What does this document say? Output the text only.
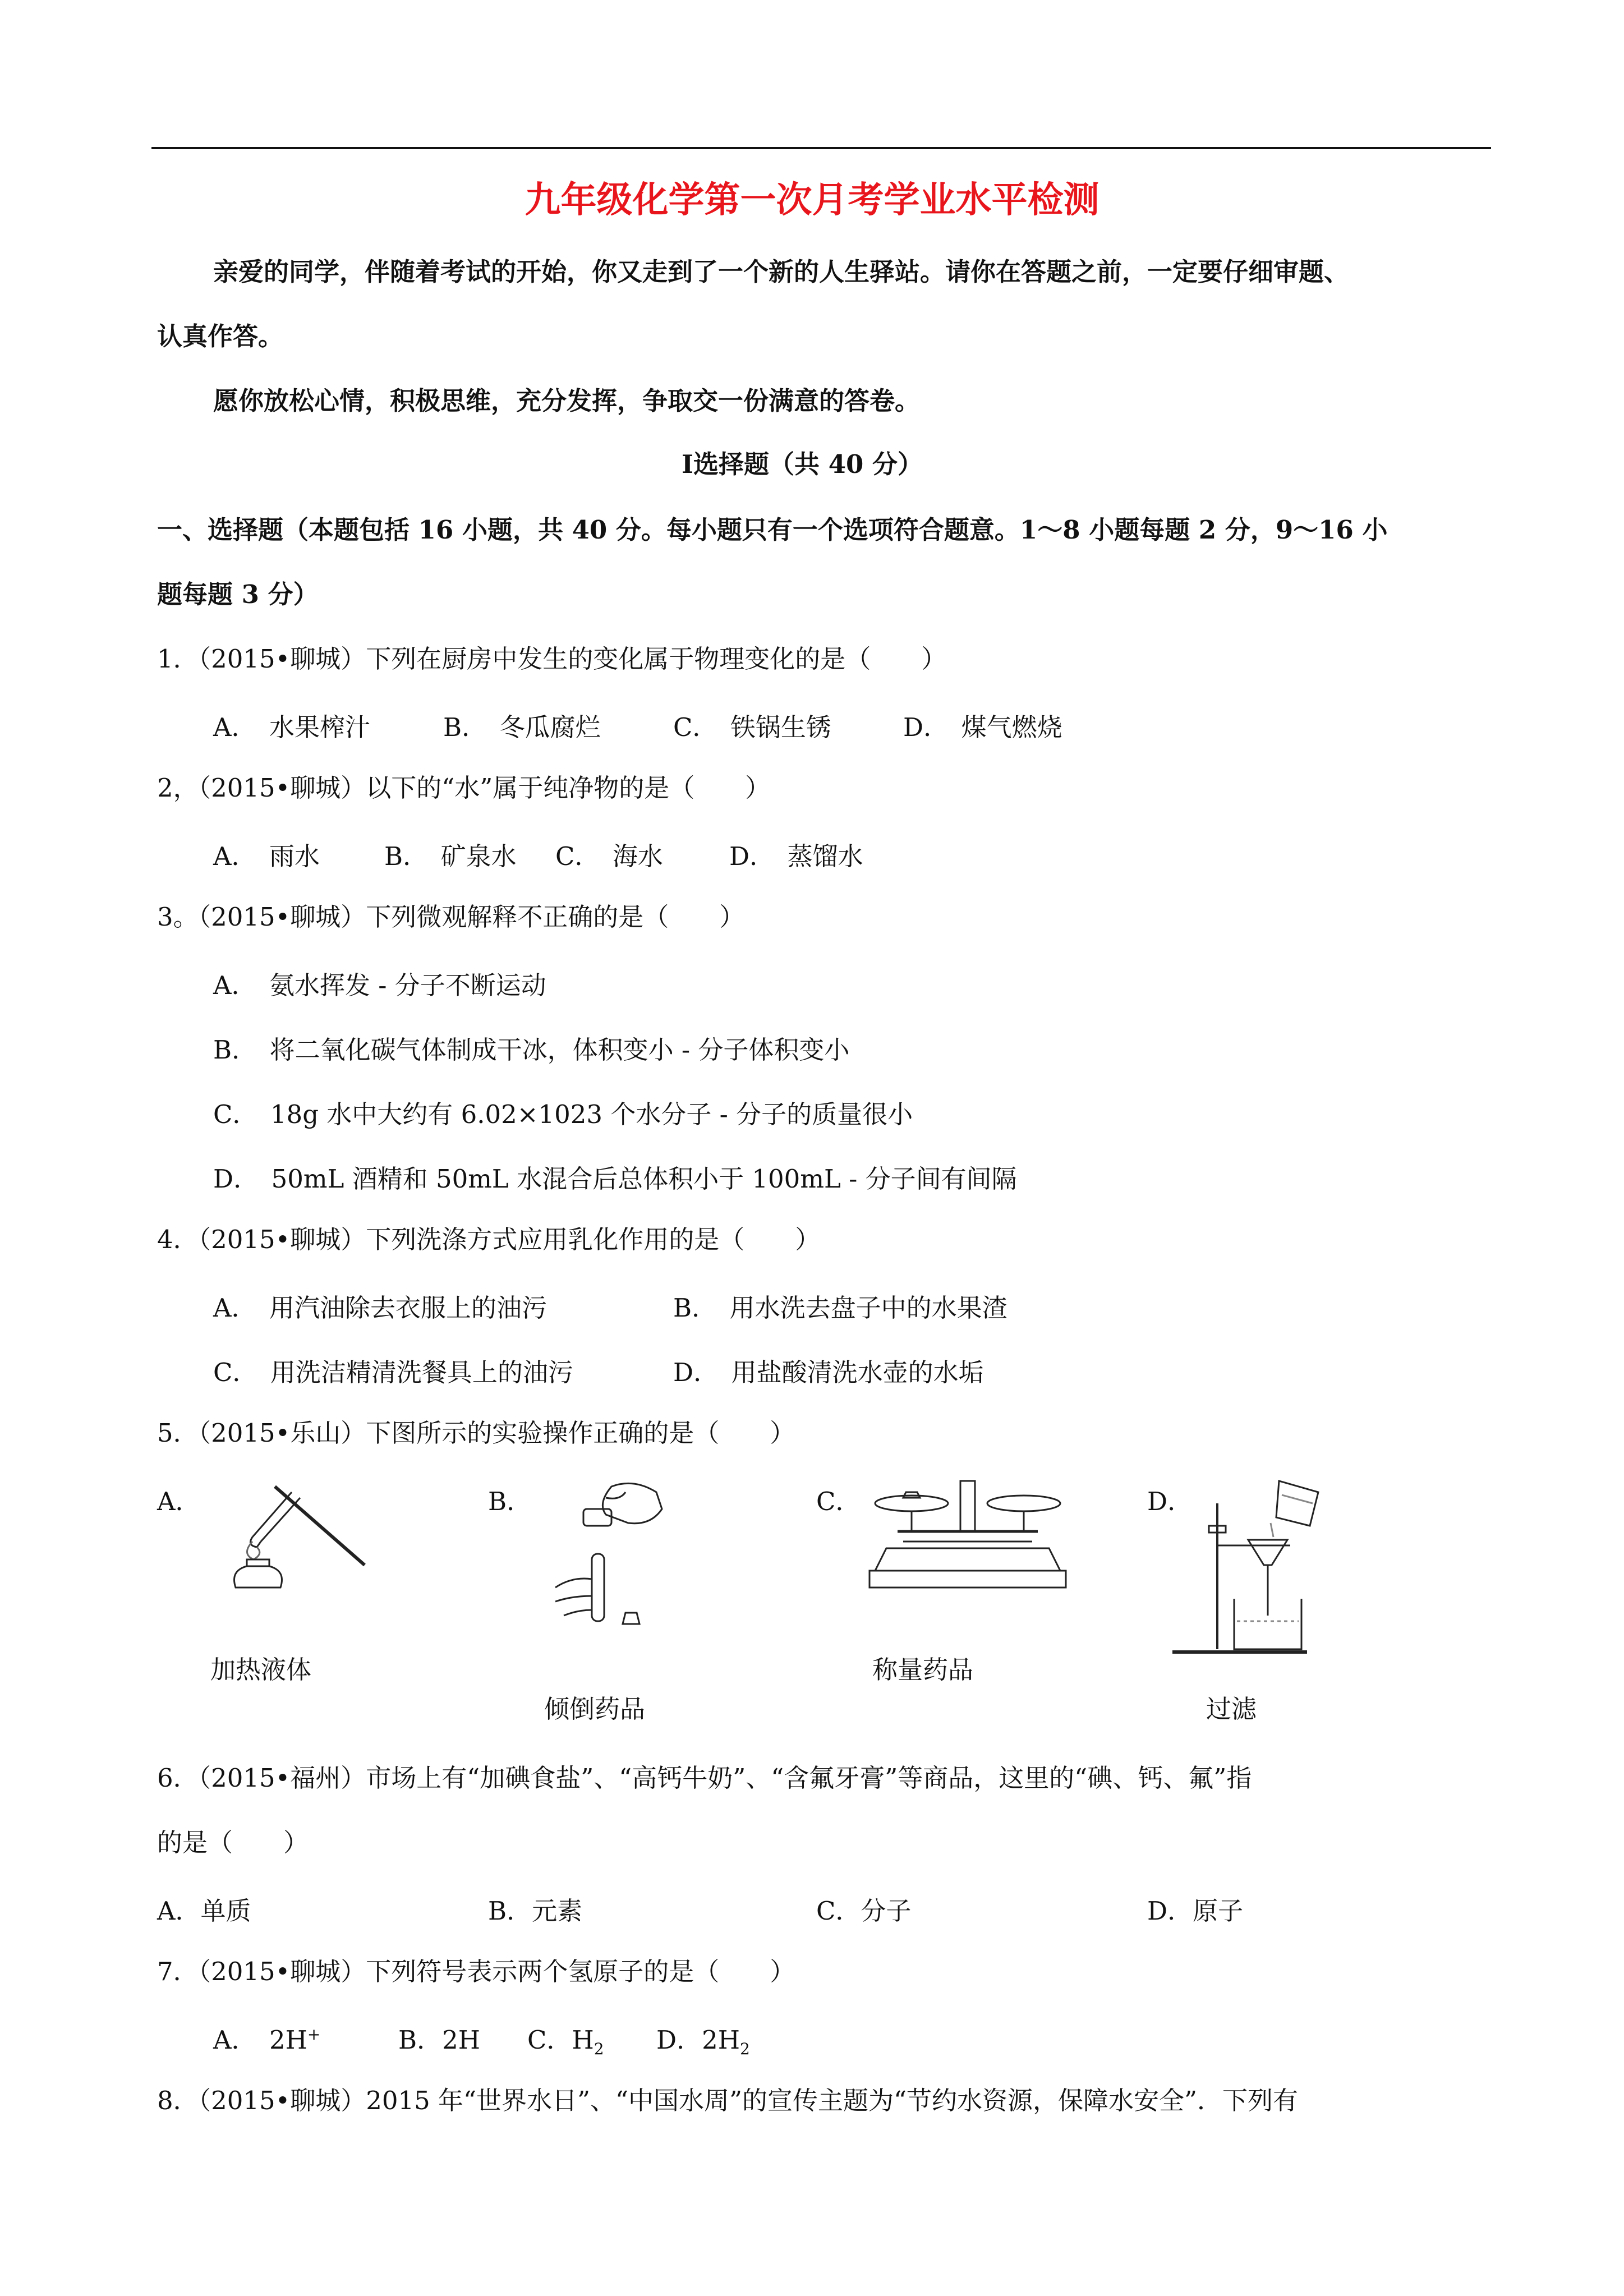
九年级化学第一次月考学业水平检测
亲爱的同学，伴随着考试的开始，你又走到了一个新的人生驿站。请你在答题之前，一定要仔细审题、
认真作答。
愿你放松心情，积极思维，充分发挥，争取交一份满意的答卷。
Ⅰ选择题（共 40 分）
一、选择题（本题包括 16 小题，共 40 分。每小题只有一个选项符合题意。1～8 小题每题 2 分，9～16 小
题每题 3 分）
1．（2015•聊城）下列在厨房中发生的变化属于物理变化的是（　　）
A．　水果榨汁	B．　冬瓜腐烂	C．　铁锅生锈	D．　煤气燃烧
2，（2015•聊城）以下的“水”属于纯净物的是（　　）
A．　雨水	B．　矿泉水 C．　海水	D．　蒸馏水
3。（2015•聊城）下列微观解释不正确的是（　　）
A．　氨水挥发 - 分子不断运动
B．　将二氧化碳气体制成干冰，体积变小 - 分子体积变小
C．　18g 水中大约有 6.02×1023 个水分子 - 分子的质量很小
D．　50mL 酒精和 50mL 水混合后总体积小于 100mL - 分子间有间隔
4．（2015•聊城）下列洗涤方式应用乳化作用的是（　　）
A．　用汽油除去衣服上的油污	B．　用水洗去盘子中的水果渣
C．　用洗洁精清洗餐具上的油污	D．　用盐酸清洗水壶的水垢
5．（2015•乐山）下图所示的实验操作正确的是（　　）
A．	B．	C．	D．
加热液体
倾倒药品
称量药品
过滤
6．（2015•福州）市场上有“加碘食盐”、“高钙牛奶”、“含氟牙膏”等商品，这里的“碘、钙、氟”指
的是（　　）
A．单质	B．元素	C．分子	D．原子
7．（2015•聊城）下列符号表示两个氢原子的是（　　）
A．　2H+	B．2H C．$H_2$ D．$2H_2$
8．（2015•聊城）2015 年“世界水日”、“中国水周”的宣传主题为“节约水资源，保障水安全”．下列有
